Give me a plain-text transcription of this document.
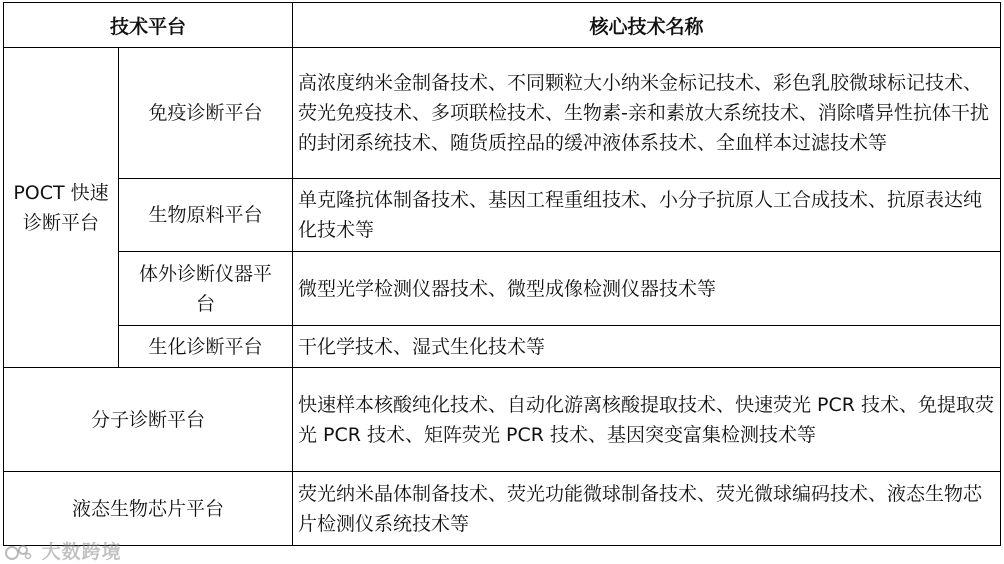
技术平台		核心技术名称

POCT 快速诊断平台	免疫诊断平台	高浓度纳米金制备技术、不同颗粒大小纳米金标记技术、彩色乳胶微球标记技术、荧光免疫技术、多项联检技术、生物素-亲和素放大系统技术、消除嗜异性抗体干扰的封闭系统技术、随货质控品的缓冲液体系技术、全血样本过滤技术等
	生物原料平台	单克隆抗体制备技术、基因工程重组技术、小分子抗原人工合成技术、抗原表达纯化技术等

	体外诊断仪器平台	微型光学检测仪器技术、微型成像检测仪器技术等
	生化诊断平台	干化学技术、湿式生化技术等
分子诊断平台		快速样本核酸纯化技术、自动化游离核酸提取技术、快速荧光 PCR 技术、免提取荧光 PCR 技术、矩阵荧光 PCR 技术、基因突变富集检测技术等
液态生物芯片平台		荧光纳米晶体制备技术、荧光功能微球制备技术、荧光微球编码技术、液态生物芯片检测仪系统技术等
大数跨境
